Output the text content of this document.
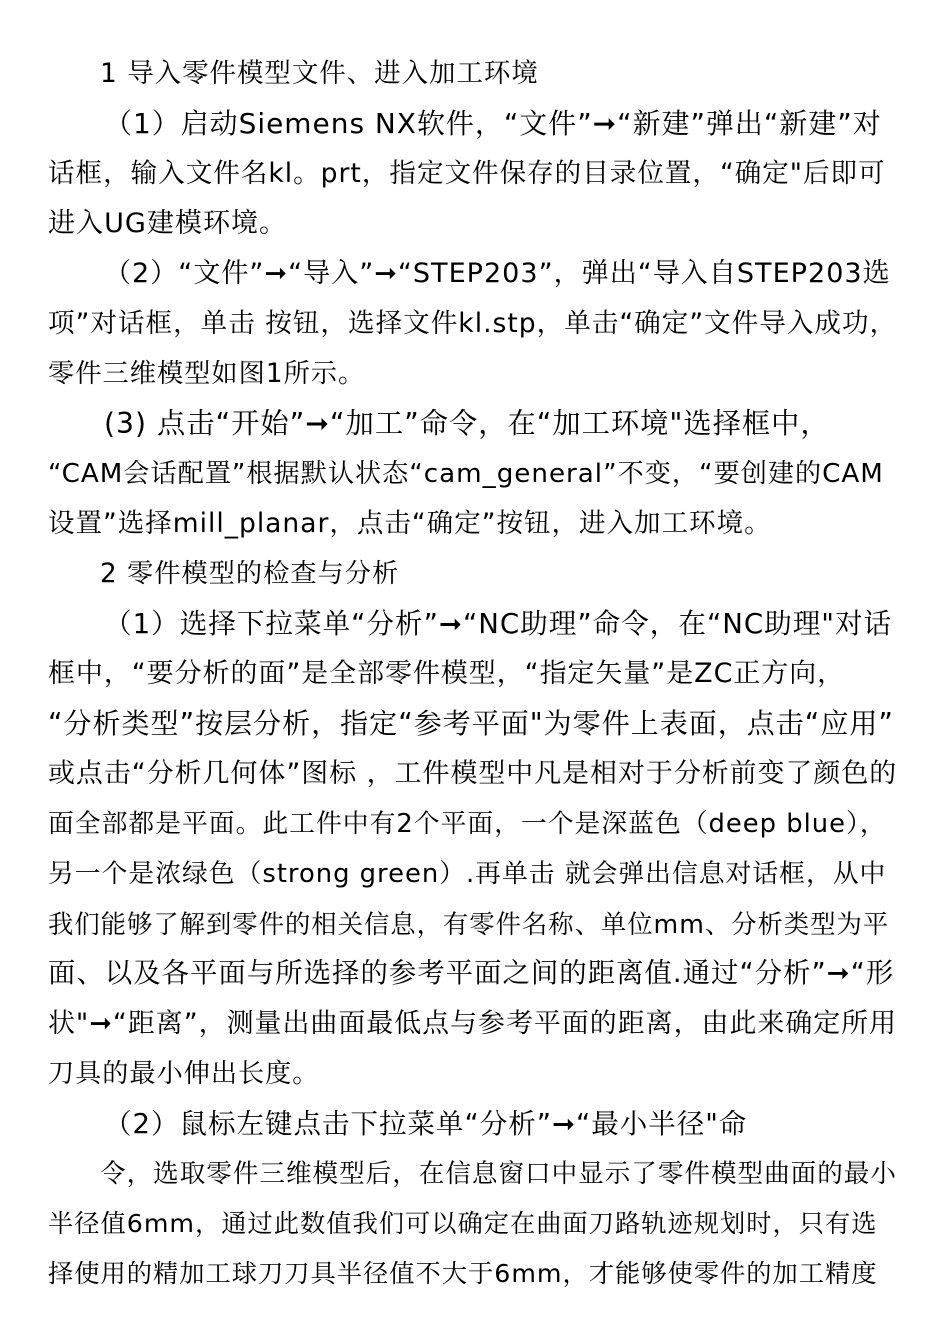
1 导入零件模型文件、进入加工环境
（1）启动Siemens NX软件，“文件”➞“新建”弹出“新建”对
话框，输入文件名kl。prt，指定文件保存的目录位置，“确定"后即可
进入UG建模环境。
（2）“文件”➞“导入”➞“STEP203”，弹出“导入自STEP203选
项”对话框，单击 按钮，选择文件kl.stp，单击“确定”文件导入成功，
零件三维模型如图1所示。
(3) 点击“开始”➞“加工”命令，在“加工环境"选择框中，
“CAM会话配置”根据默认状态“cam_general”不变，“要创建的CAM
设置”选择mill_planar，点击“确定”按钮，进入加工环境。
2 零件模型的检查与分析
（1）选择下拉菜单“分析”➞“NC助理”命令，在“NC助理"对话
框中，“要分析的面”是全部零件模型，“指定矢量”是ZC正方向，
“分析类型”按层分析，指定“参考平面"为零件上表面，点击“应用”
或点击“分析几何体”图标 ，工件模型中凡是相对于分析前变了颜色的
面全部都是平面。此工件中有2个平面，一个是深蓝色（deep blue），
另一个是浓绿色（strong green）.再单击 就会弹出信息对话框，从中
我们能够了解到零件的相关信息，有零件名称、单位mm、分析类型为平
面、以及各平面与所选择的参考平面之间的距离值.通过“分析”➞“形
状"➞“距离”，测量出曲面最低点与参考平面的距离，由此来确定所用
刀具的最小伸出长度。
（2）鼠标左键点击下拉菜单“分析”➞“最小半径"命
令，选取零件三维模型后，在信息窗口中显示了零件模型曲面的最小
半径值6mm，通过此数值我们可以确定在曲面刀路轨迹规划时，只有选
择使用的精加工球刀刀具半径值不大于6mm，才能够使零件的加工精度
